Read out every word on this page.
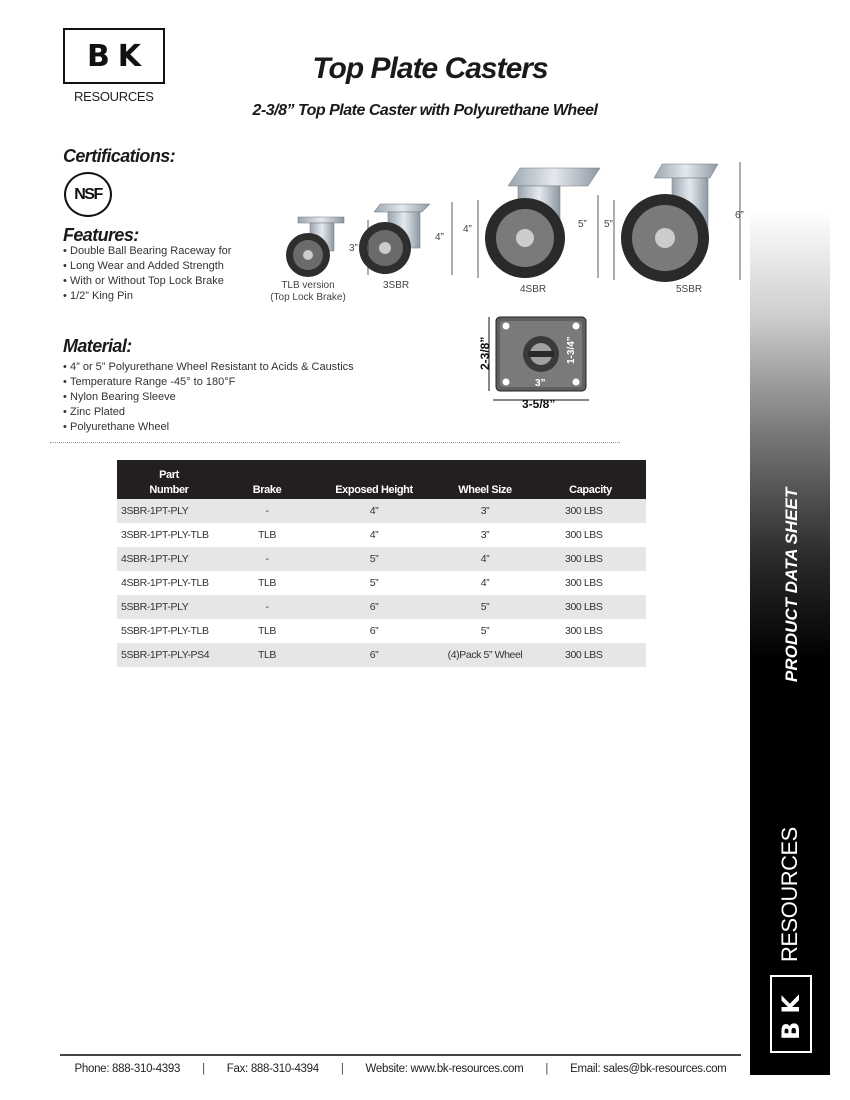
BK
RESOURCES
Top Plate Casters
2-3/8” Top Plate Caster with Polyurethane Wheel
Certifications:
NSF
Features:
• Double Ball Bearing Raceway for
• Long Wear and Added Strength
• With or Without Top Lock Brake
• 1/2” King Pin
3”
4”
4”	5” 5”
6”
TLB version
(Top Lock Brake)
3SBR	4SBR	5SBR
Material:
• 4” or 5” Polyurethane Wheel Resistant to Acids & Caustics
• Temperature Range -45° to 180°F
• Nylon Bearing Sleeve
• Zinc Plated
• Polyurethane Wheel
2-3/8”	1-3/4”
3”
3-5/8”
Part
Number	Brake	Exposed Height	Wheel Size	Capacity
3SBR-1PT-PLY	-	4”	3”	300 LBS
3SBR-1PT-PLY-TLB	TLB	4”	3”	300 LBS
4SBR-1PT-PLY	-	5”	4”	300 LBS
4SBR-1PT-PLY-TLB	TLB	5”	4”	300 LBS
5SBR-1PT-PLY	-	6”	5”	300 LBS
5SBR-1PT-PLY-TLB	TLB	6”	5”	300 LBS
5SBR-1PT-PLY-PS4	TLB	6”	(4)Pack 5” Wheel	300 LBS	PRODUCT DATA SHEET
RESOURCES
BK
Phone: 888-310-4393 | Fax: 888-310-4394 | Website: www.bk-resources.com | Email: sales@bk-resources.com
